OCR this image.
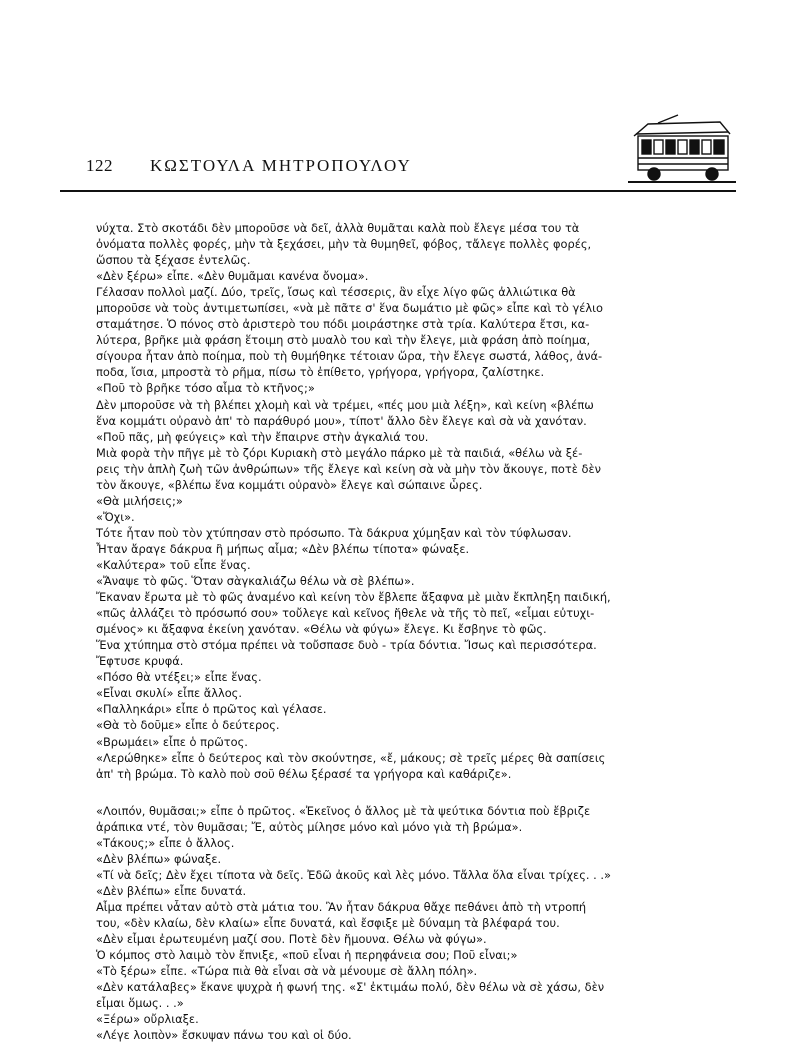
122 ΚΩΣΤΟΥΛΑ ΜΗΤΡΟΠΟΥΛΟΥ
νύχτα. Στὸ σκοτάδι δὲν μποροῦσε νὰ δεῖ, ἀλλὰ θυμᾶται καλὰ ποὺ ἔλεγε μέσα του τὰ
ὀνόματα πολλὲς φορές, μὴν τὰ ξεχάσει, μὴν τὰ θυμηθεῖ, φόβος, τἄλεγε πολλὲς φορές,
ὥσπου τὰ ξέχασε ἐντελῶς.
«Δὲν ξέρω» εἶπε. «Δὲν θυμᾶμαι κανένα ὄνομα».
Γέλασαν πολλοὶ μαζί. Δύο, τρεῖς, ἴσως καὶ τέσσερις, ἂν εἶχε λίγο φῶς ἀλλιώτικα θὰ
μποροῦσε νὰ τοὺς ἀντιμετωπίσει, «νὰ μὲ πᾶτε σ' ἕνα δωμάτιο μὲ φῶς» εἶπε καὶ τὸ γέλιο
σταμάτησε. Ὁ πόνος στὸ ἀριστερὸ του πόδι μοιράστηκε στὰ τρία. Καλύτερα ἔτσι, κα-
λύτερα, βρῆκε μιὰ φράση ἕτοιμη στὸ μυαλὸ του καὶ τὴν ἔλεγε, μιὰ φράση ἀπὸ ποίημα,
σίγουρα ἦταν ἀπὸ ποίημα, ποὺ τὴ θυμήθηκε τέτοιαν ὥρα, τὴν ἔλεγε σωστά, λάθος, ἀνά-
ποδα, ἴσια, μπροστὰ τὸ ρῆμα, πίσω τὸ ἐπίθετο, γρήγορα, γρήγορα, ζαλίστηκε.
«Ποῦ τὸ βρῆκε τόσο αἷμα τὸ κτῆνος;»
Δὲν μποροῦσε νὰ τὴ βλέπει χλομὴ καὶ νὰ τρέμει, «πές μου μιὰ λέξη», καὶ κείνη «βλέπω
ἕνα κομμάτι οὐρανὸ ἀπ' τὸ παράθυρό μου», τίποτ' ἄλλο δὲν ἔλεγε καὶ σὰ νὰ χανόταν.
«Ποῦ πᾶς, μὴ φεύγεις» καὶ τὴν ἔπαιρνε στὴν ἀγκαλιά του.
Μιὰ φορὰ τὴν πῆγε μὲ τὸ ζόρι Κυριακὴ στὸ μεγάλο πάρκο μὲ τὰ παιδιά, «θέλω νὰ ξέ-
ρεις τὴν ἁπλὴ ζωὴ τῶν ἀνθρώπων» τῆς ἔλεγε καὶ κείνη σὰ νὰ μὴν τὸν ἄκουγε, ποτὲ δὲν
τὸν ἄκουγε, «βλέπω ἕνα κομμάτι οὐρανὸ» ἔλεγε καὶ σώπαινε ὧρες.
«Θὰ μιλήσεις;»
«Ὄχι».
Τότε ἦταν ποὺ τὸν χτύπησαν στὸ πρόσωπο. Τὰ δάκρυα χύμηξαν καὶ τὸν τύφλωσαν.
Ἦταν ἄραγε δάκρυα ἢ μήπως αἷμα; «Δὲν βλέπω τίποτα» φώναξε.
«Καλύτερα» τοῦ εἶπε ἕνας.
«Ἄναψε τὸ φῶς. Ὅταν σὰγκαλιάζω θέλω νὰ σὲ βλέπω».
Ἔκαναν ἔρωτα μὲ τὸ φῶς ἀναμένο καὶ κείνη τὸν ἔβλεπε ἄξαφνα μὲ μιὰν ἔκπληξη παιδική,
«πῶς ἀλλάζει τὸ πρόσωπό σου» τοὔλεγε καὶ κεῖνος ἤθελε νὰ τῆς τὸ πεῖ, «εἶμαι εὐτυχι-
σμένος» κι ἄξαφνα ἐκείνη χανόταν. «Θέλω νὰ φύγω» ἔλεγε. Κι ἔσβηνε τὸ φῶς.
Ἕνα χτύπημα στὸ στόμα πρέπει νὰ τοὔσπασε δυὸ - τρία δόντια. Ἴσως καὶ περισσότερα.
Ἔφτυσε κρυφά.
«Πόσο θὰ ντέξει;» εἶπε ἕνας.
«Εἶναι σκυλί» εἶπε ἄλλος.
«Παλληκάρι» εἶπε ὁ πρῶτος καὶ γέλασε.
«Θὰ τὸ δοῦμε» εἶπε ὁ δεύτερος.
«Βρωμάει» εἶπε ὁ πρῶτος.
«Λερώθηκε» εἶπε ὁ δεύτερος καὶ τὸν σκούντησε, «ἔ, μάκους; σὲ τρεῖς μέρες θὰ σαπίσεις
ἀπ' τὴ βρώμα. Τὸ καλὸ ποὺ σοῦ θέλω ξέρασέ τα γρήγορα καὶ καθάριζε».
«Λοιπόν, θυμᾶσαι;» εἶπε ὁ πρῶτος. «Ἐκεῖνος ὁ ἄλλος μὲ τὰ ψεύτικα δόντια ποὺ ἔβριζε
ἀράπικα ντέ, τὸν θυμᾶσαι; Ἔ, αὐτὸς μίλησε μόνο καὶ μόνο γιὰ τὴ βρώμα».
«Τάκους;» εἶπε ὁ ἄλλος.
«Δὲν βλέπω» φώναξε.
«Τί νὰ δεῖς; Δὲν ἔχει τίποτα νὰ δεῖς. Ἐδῶ ἀκοῦς καὶ λὲς μόνο. Τἄλλα ὅλα εἶναι τρίχες. . .»
«Δὲν βλέπω» εἶπε δυνατά.
Αἷμα πρέπει νἆταν αὐτὸ στὰ μάτια του. Ἂν ἦταν δάκρυα θἄχε πεθάνει ἀπὸ τὴ ντροπή
του, «δὲν κλαίω, δὲν κλαίω» εἶπε δυνατά, καὶ ἔσφιξε μὲ δύναμη τὰ βλέφαρά του.
«Δὲν εἶμαι ἐρωτευμένη μαζί σου. Ποτὲ δὲν ἤμουνα. Θέλω νὰ φύγω».
Ὁ κόμπος στὸ λαιμὸ τὸν ἔπνιξε, «ποῦ εἶναι ἡ περηφάνεια σου; Ποῦ εἶναι;»
«Τὸ ξέρω» εἶπε. «Τώρα πιὰ θὰ εἶναι σὰ νὰ μένουμε σὲ ἄλλη πόλη».
«Δὲν κατάλαβες» ἔκανε ψυχρὰ ἡ φωνή της. «Σ' ἐκτιμάω πολύ, δὲν θέλω νὰ σὲ χάσω, δὲν
εἶμαι ὅμως. . .»
«Ξέρω» οὔρλιαξε.
«Λέγε λοιπὸν» ἔσκυψαν πάνω του καὶ οἱ δύο.
